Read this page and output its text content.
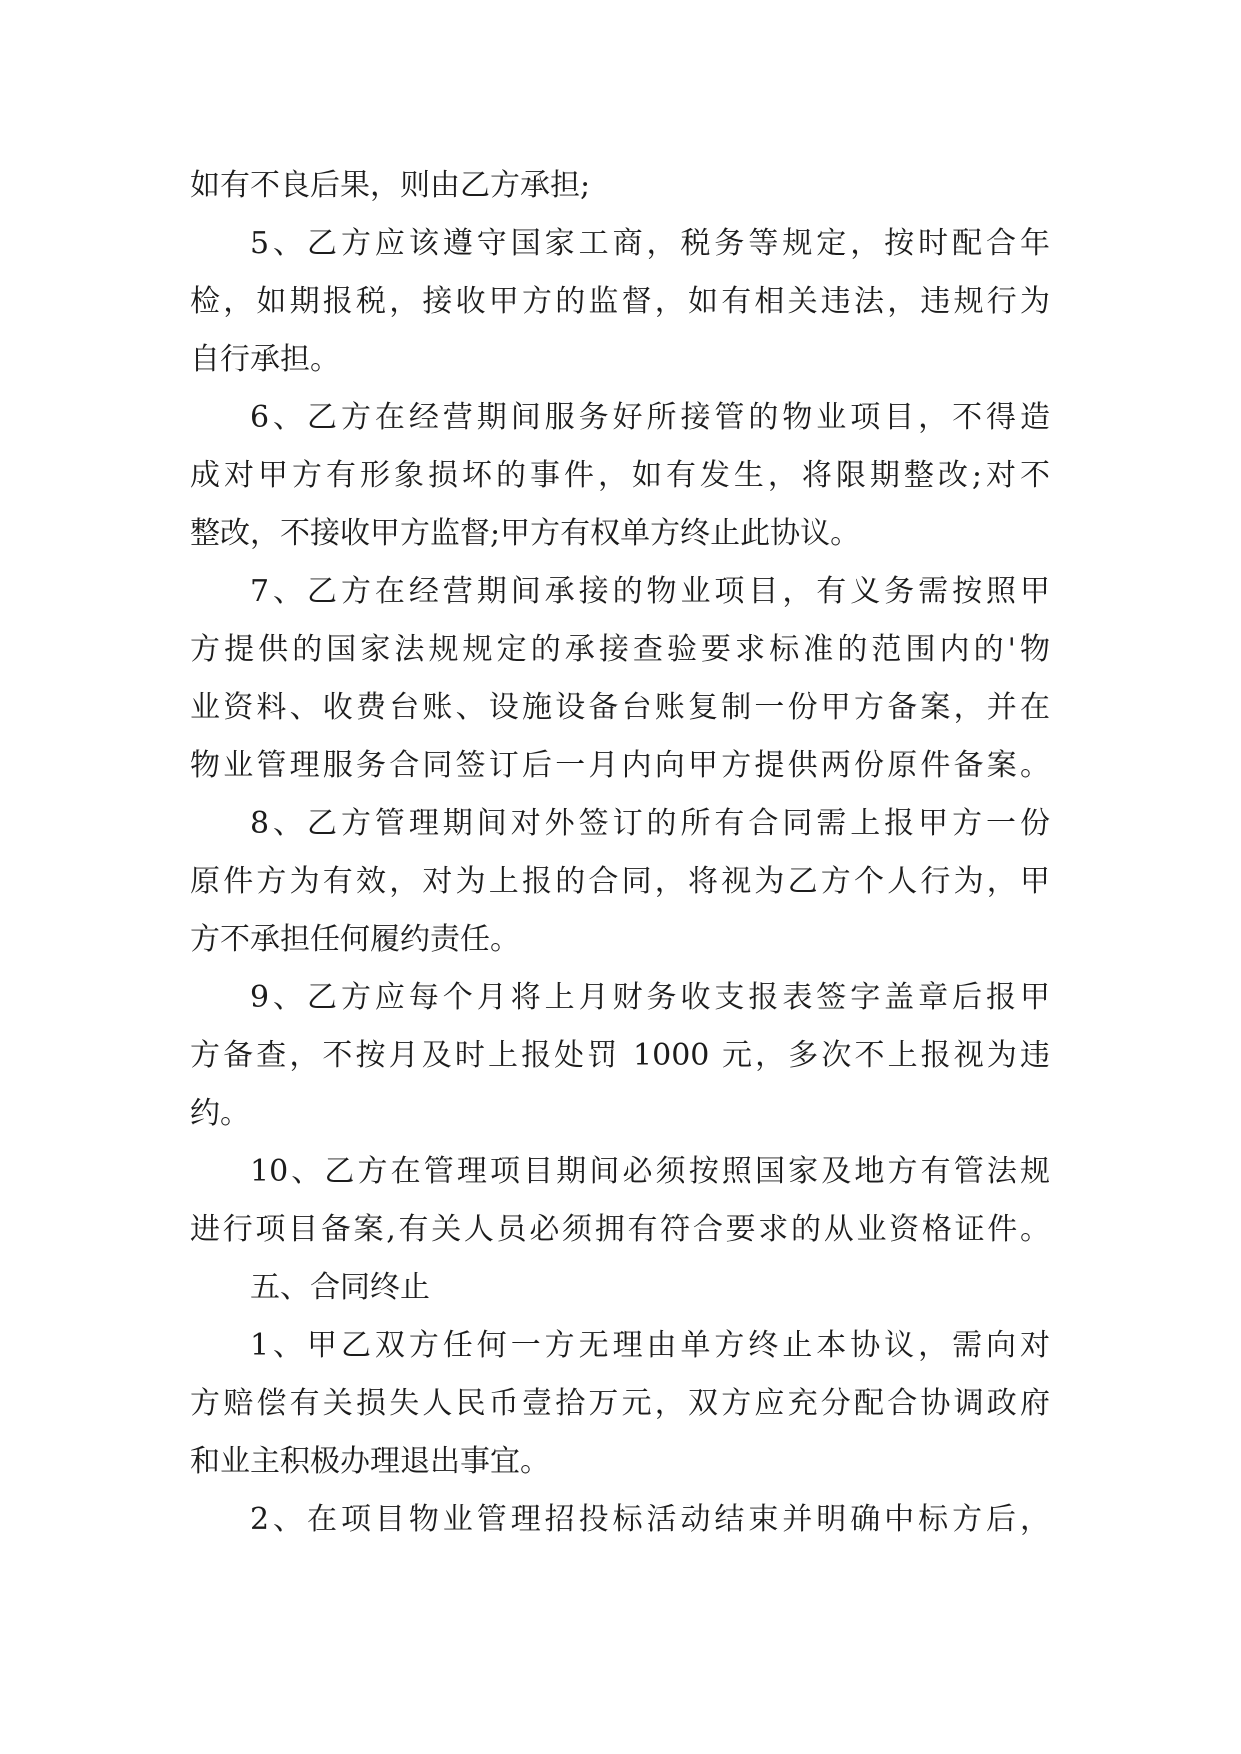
如有不良后果，则由乙方承担;
5、乙方应该遵守国家工商，税务等规定，按时配合年
检，如期报税，接收甲方的监督，如有相关违法，违规行为
自行承担。
6、乙方在经营期间服务好所接管的物业项目，不得造
成对甲方有形象损坏的事件，如有发生，将限期整改;对不
整改，不接收甲方监督;甲方有权单方终止此协议。
7、乙方在经营期间承接的物业项目，有义务需按照甲
方提供的国家法规规定的承接查验要求标准的范围内的'物
业资料、收费台账、设施设备台账复制一份甲方备案，并在
物业管理服务合同签订后一月内向甲方提供两份原件备案。
8、乙方管理期间对外签订的所有合同需上报甲方一份
原件方为有效，对为上报的合同，将视为乙方个人行为，甲
方不承担任何履约责任。
9、乙方应每个月将上月财务收支报表签字盖章后报甲
方备查，不按月及时上报处罚 1000 元，多次不上报视为违
约。
10、乙方在管理项目期间必须按照国家及地方有管法规
进行项目备案,有关人员必须拥有符合要求的从业资格证件。
五、合同终止
1、甲乙双方任何一方无理由单方终止本协议，需向对
方赔偿有关损失人民币壹拾万元，双方应充分配合协调政府
和业主积极办理退出事宜。
2、在项目物业管理招投标活动结束并明确中标方后，
